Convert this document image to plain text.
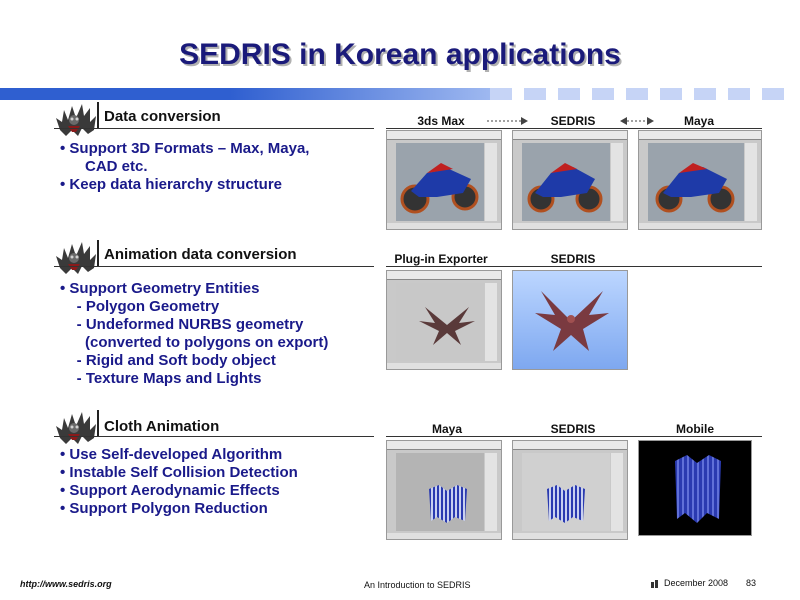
SEDRIS in Korean applications
Data conversion
• Support 3D Formats – Max, Maya,
CAD etc.
• Keep data hierarchy structure
3ds Max	SEDRIS	Maya
Animation data conversion
• Support Geometry Entities
- Polygon Geometry
- Undeformed NURBS geometry
(converted to polygons on export)
- Rigid and Soft body object
- Texture Maps and Lights
Plug-in Exporter	SEDRIS
Cloth Animation
• Use Self-developed Algorithm
• Instable Self Collision Detection
• Support Aerodynamic Effects
• Support Polygon Reduction
Maya	SEDRIS	Mobile
http://www.sedris.org	An Introduction to SEDRIS	December 2008 83
